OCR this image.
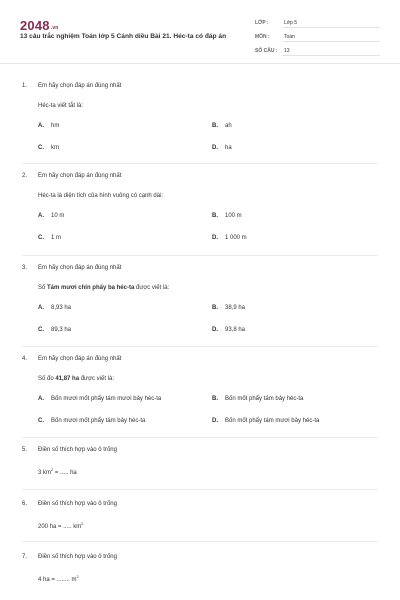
2048.vn
13 câu trắc nghiệm Toán lớp 5 Cánh diều Bài 21. Héc-ta có đáp án
LỚP :	Lớp 5
MÔN :	Toán
SỐ CÂU :	13
1.	Em hãy chọn đáp án đúng nhất
Héc-ta viết tắt là:
A.	hm	B.	ah
C.	km	D.	ha
2.	Em hãy chọn đáp án đúng nhất
Héc-ta là diện tích của hình vuông có cạnh dài:
A.	10 m	B.	100 m
C.	1 m	D.	1 000 m
3.	Em hãy chọn đáp án đúng nhất
Số Tám mươi chín phẩy ba héc-ta được viết là:
A.	8,93 ha	B.	38,9 ha
C.	89,3 ha	D.	93,8 ha
4.	Em hãy chọn đáp án đúng nhất
Số đo 41,87 ha được viết là:
A.	Bốn mươi mốt phẩy tám mươi bảy héc-ta	B.	Bốn mốt phẩy tám bảy héc-ta
C.	Bốn mươi mốt phẩy tám bảy héc-ta	D.	Bốn mốt phẩy tám mươi bảy héc-ta
5.	Điền số thích hợp vào ô trống
3 $km^2$ = ..... ha
6.	Điền số thích hợp vào ô trống
200 ha = ..... $km^2$
7.	Điền số thích hợp vào ô trống
4 ha = ........ $m^2$
